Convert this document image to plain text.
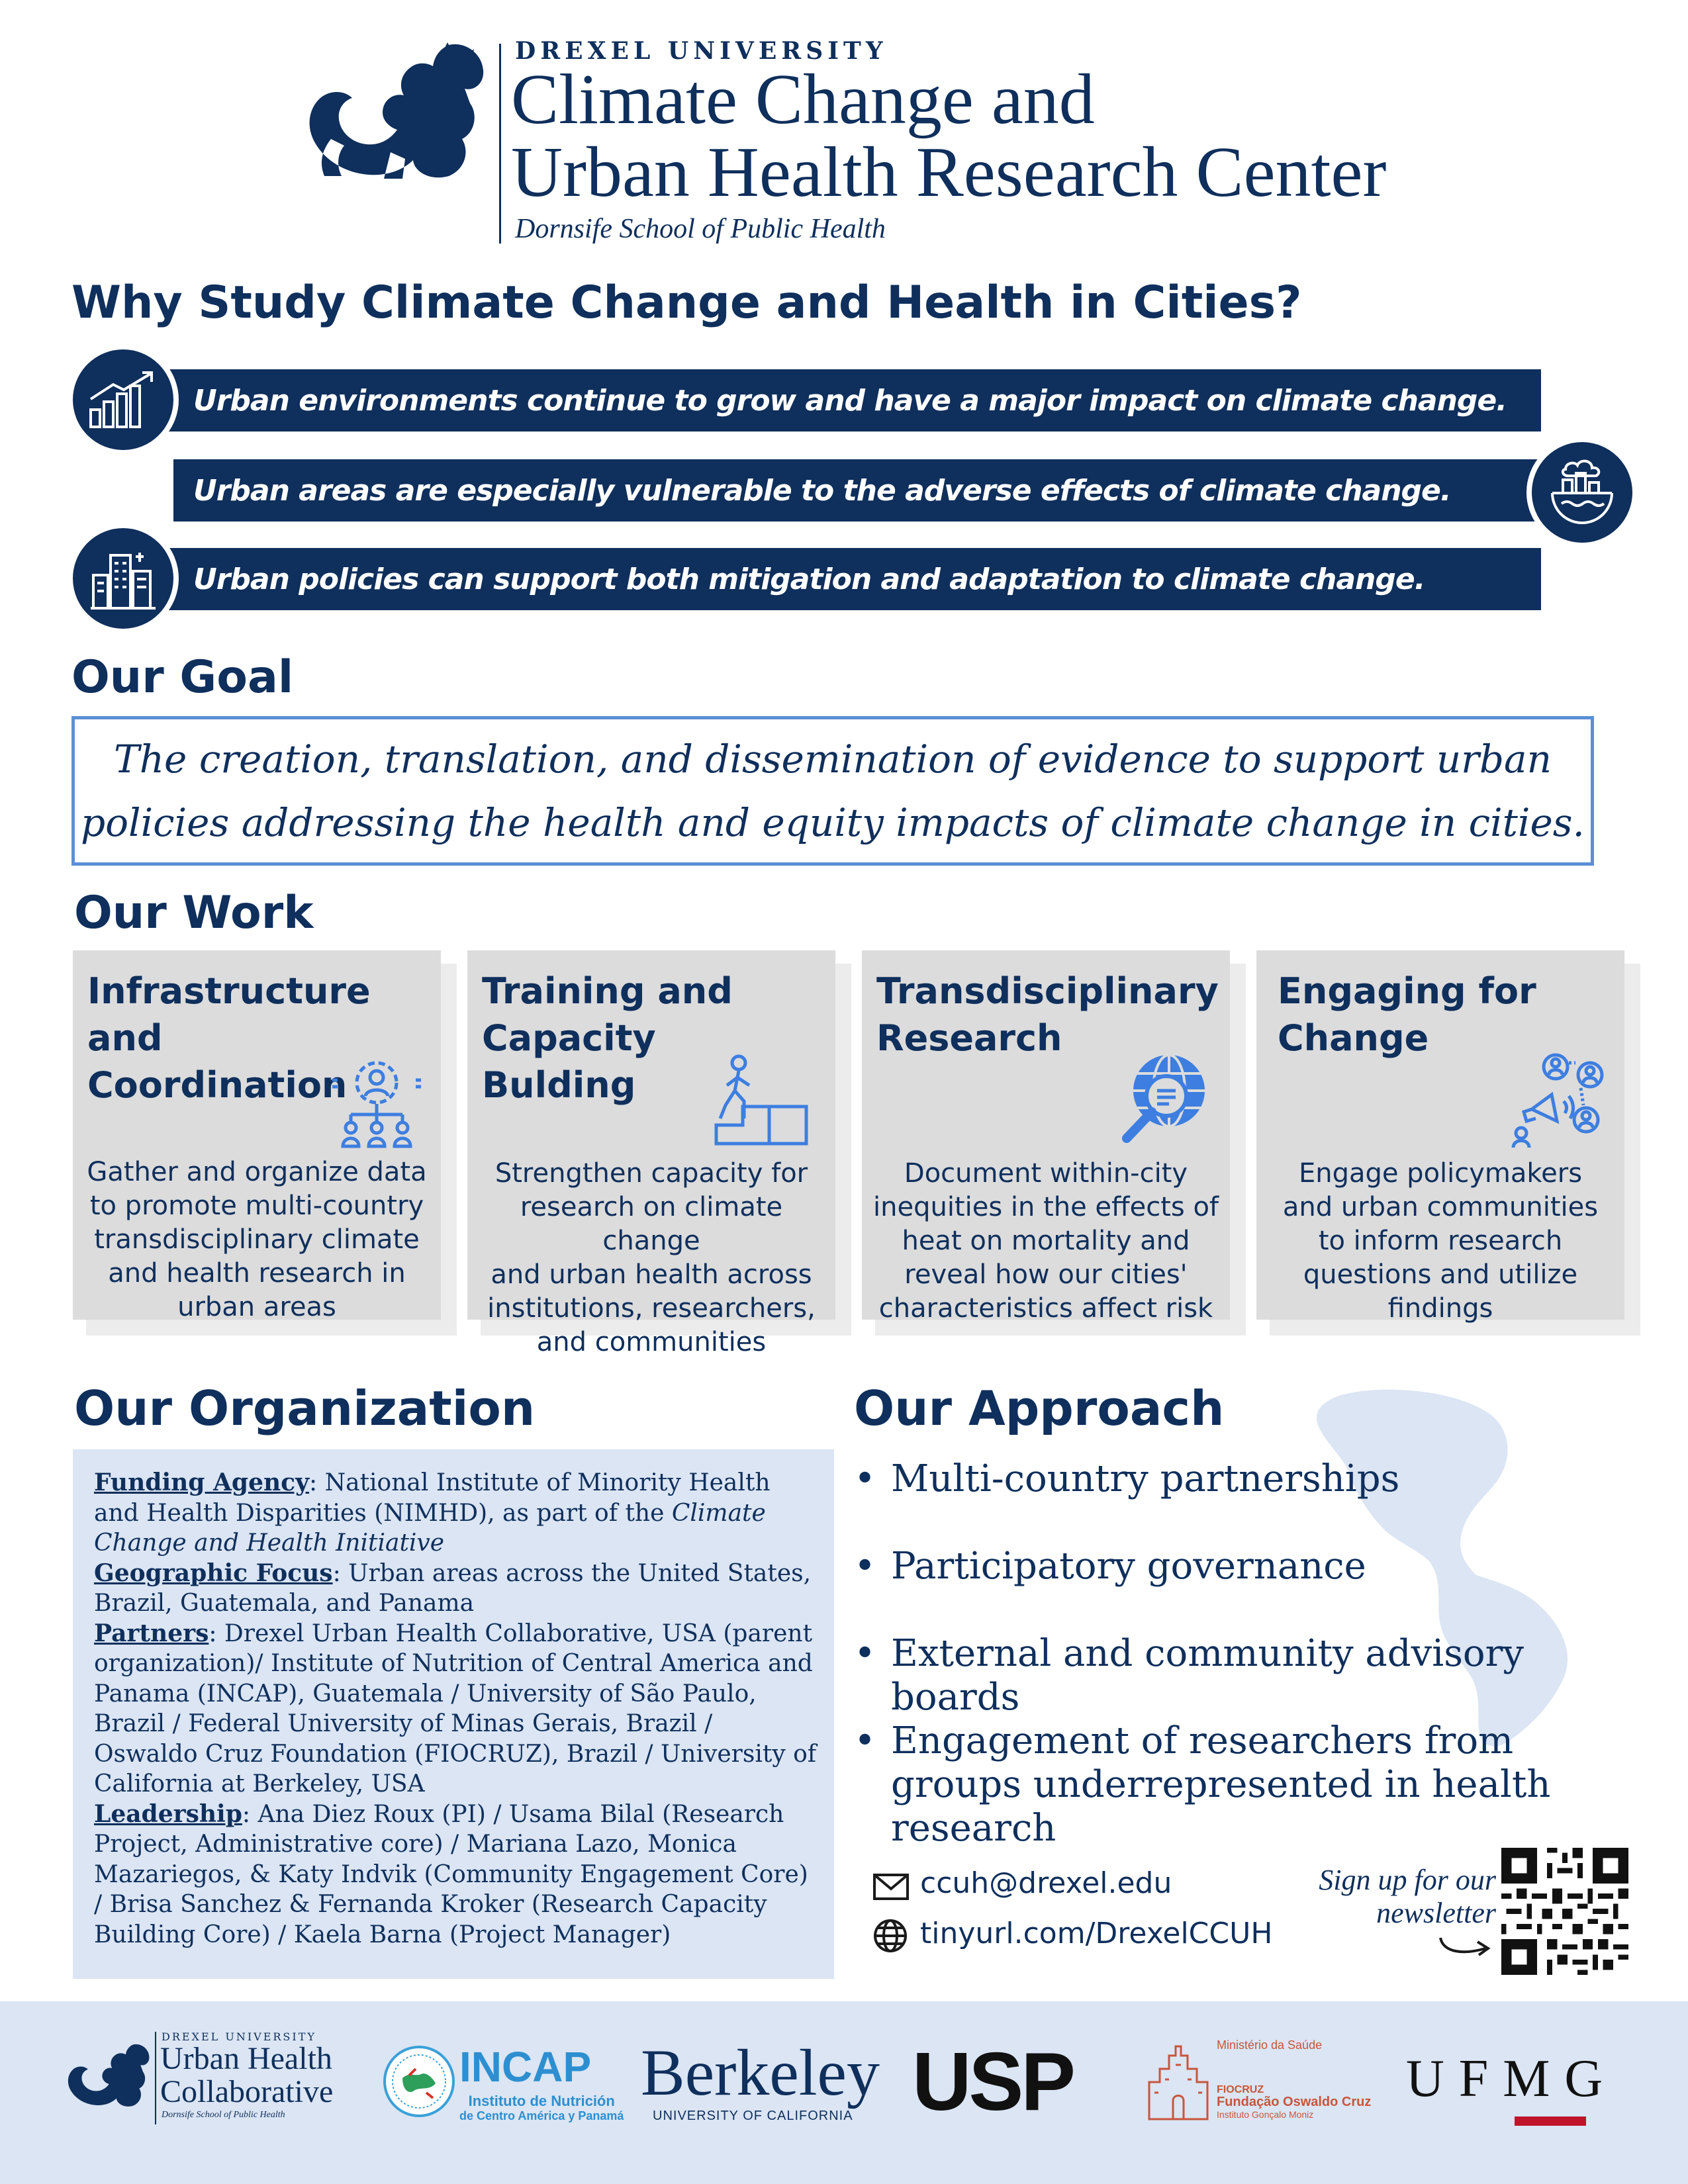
DREXEL UNIVERSITY
Climate Change and
Urban Health Research Center
Dornsife School of Public Health
Why Study Climate Change and Health in Cities?
Urban environments continue to grow and have a major impact on climate change.
Urban areas are especially vulnerable to the adverse effects of climate change.
Urban policies can support both mitigation and adaptation to climate change.
Our Goal
The creation, translation, and dissemination of evidence to support urban
policies addressing the health and equity impacts of climate change in cities.
Our Work
Infrastructure and
Coordination
Gather and organize data
to promote multi-country
transdisciplinary climate
and health research in
urban areas
Training and
Capacity
Bulding
Strengthen capacity for
research on climate change
and urban health across
institutions, researchers,
and communities
Transdisciplinary
Research
Document within-city
inequities in the effects of
heat on mortality and
reveal how our cities'
characteristics affect risk
Engaging for
Change
Engage policymakers
and urban communities
to inform research
questions and utilize
findings
Our Organization
Funding Agency: National Institute of Minority Health and Health Disparities (NIMHD), as part of the Climate Change and Health Initiative
Geographic Focus: Urban areas across the United States, Brazil, Guatemala, and Panama
Partners: Drexel Urban Health Collaborative, USA (parent organization)/ Institute of Nutrition of Central America and Panama (INCAP), Guatemala / University of São Paulo, Brazil / Federal University of Minas Gerais, Brazil / Oswaldo Cruz Foundation (FIOCRUZ), Brazil / University of California at Berkeley, USA
Leadership: Ana Diez Roux (PI) / Usama Bilal (Research Project, Administrative core) / Mariana Lazo, Monica Mazariegos, & Katy Indvik (Community Engagement Core) / Brisa Sanchez & Fernanda Kroker (Research Capacity Building Core) / Kaela Barna (Project Manager)
Our Approach
• Multi-country partnerships
• Participatory governance
• External and community advisory boards
• Engagement of researchers from groups underrepresented in health research
ccuh@drexel.edu
tinyurl.com/DrexelCCUH
Sign up for our
newsletter
DREXEL UNIVERSITY
Urban Health
Collaborative
Dornsife School of Public Health
INCAP
Instituto de Nutrición
de Centro América y Panamá
Berkeley
UNIVERSITY OF CALIFORNIA USP	Ministério da Saúde
FIOCRUZ
Fundação Oswaldo Cruz
Instituto Gonçalo Moniz
UFMG
